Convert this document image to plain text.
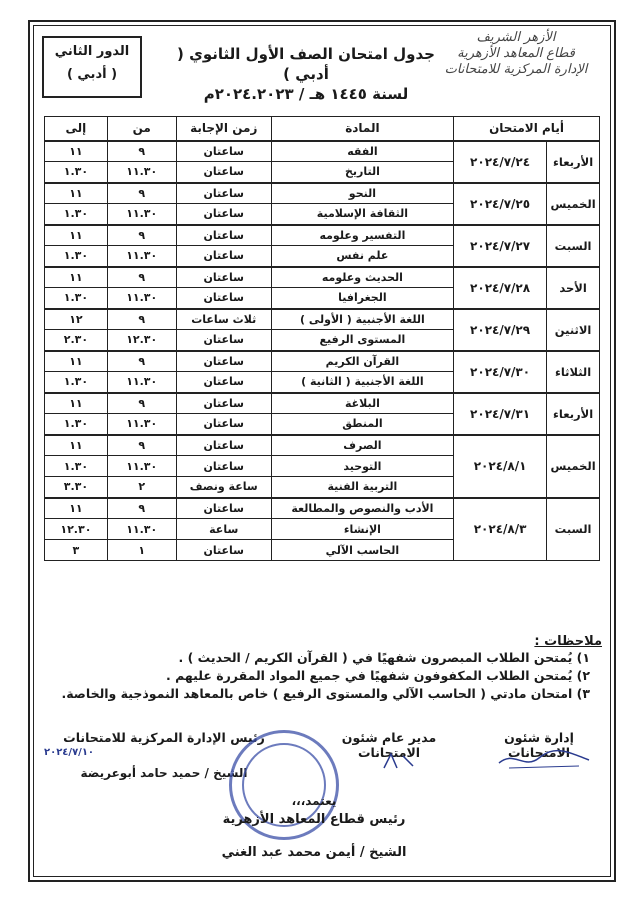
الأزهر الشريف
قطاع المعاهد الأزهرية
الإدارة المركزية للامتحانات
جدول امتحان الصف الأول الثانوي ( أدبي )
لسنة ١٤٤٥ هـ / ٢٠٢٤.٢٠٢٣م
الدور الثاني
( أدبي )
أيام الامتحان		المادة	زمن الإجابة	من	إلى
الأربعاء	٢٠٢٤/٧/٢٤	الفقه	ساعتان	٩	١١
		التاريخ	ساعتان	١١.٣٠	١.٣٠
الخميس	٢٠٢٤/٧/٢٥	النحو	ساعتان	٩	١١
		الثقافة الإسلامية	ساعتان	١١.٣٠	١.٣٠
السبت	٢٠٢٤/٧/٢٧	التفسير وعلومه	ساعتان	٩	١١
		علم نفس	ساعتان	١١.٣٠	١.٣٠
الأحد	٢٠٢٤/٧/٢٨	الحديث وعلومه	ساعتان	٩	١١
		الجغرافيا	ساعتان	١١.٣٠	١.٣٠
الاثنين	٢٠٢٤/٧/٢٩	اللغة الأجنبية ( الأولى )	ثلاث ساعات	٩	١٢
		المستوى الرفيع	ساعتان	١٢.٣٠	٢.٣٠
الثلاثاء	٢٠٢٤/٧/٣٠	القرآن الكريم	ساعتان	٩	١١
		اللغة الأجنبية ( الثانية )	ساعتان	١١.٣٠	١.٣٠
الأربعاء	٢٠٢٤/٧/٣١	البلاغة	ساعتان	٩	١١
		المنطق	ساعتان	١١.٣٠	١.٣٠
الخميس	٢٠٢٤/٨/١	الصرف	ساعتان	٩	١١
		التوحيد	ساعتان	١١.٣٠	١.٣٠
		التربية الفنية	ساعة ونصف	٢	٣.٣٠
السبت	٢٠٢٤/٨/٣	الأدب والنصوص والمطالعة	ساعتان	٩	١١
		الإنشاء	ساعة	١١.٣٠	١٢.٣٠
		الحاسب الآلي	ساعتان	١	٣
ملاحظات :
١) يُمتحن الطلاب المبصرون شفهيًا في ( القرآن الكريم / الحديث ) .
٢) يُمتحن الطلاب المكفوفون شفهيًا في جميع المواد المقررة عليهم .
٣) امتحان مادتي ( الحاسب الآلي والمستوى الرفيع ) خاص بالمعاهد النموذجية والخاصة.
إدارة شئون الامتحانات
مدير عام شئون الامتحانات
رئيس الإدارة المركزية للامتحانات
٢٠٢٤/٧/١٠
الشيخ / حميد حامد أبوعريضة
يعتمد،،،
رئيس قطاع المعاهد الأزهرية
الشيخ / أيمن محمد عبد الغني
